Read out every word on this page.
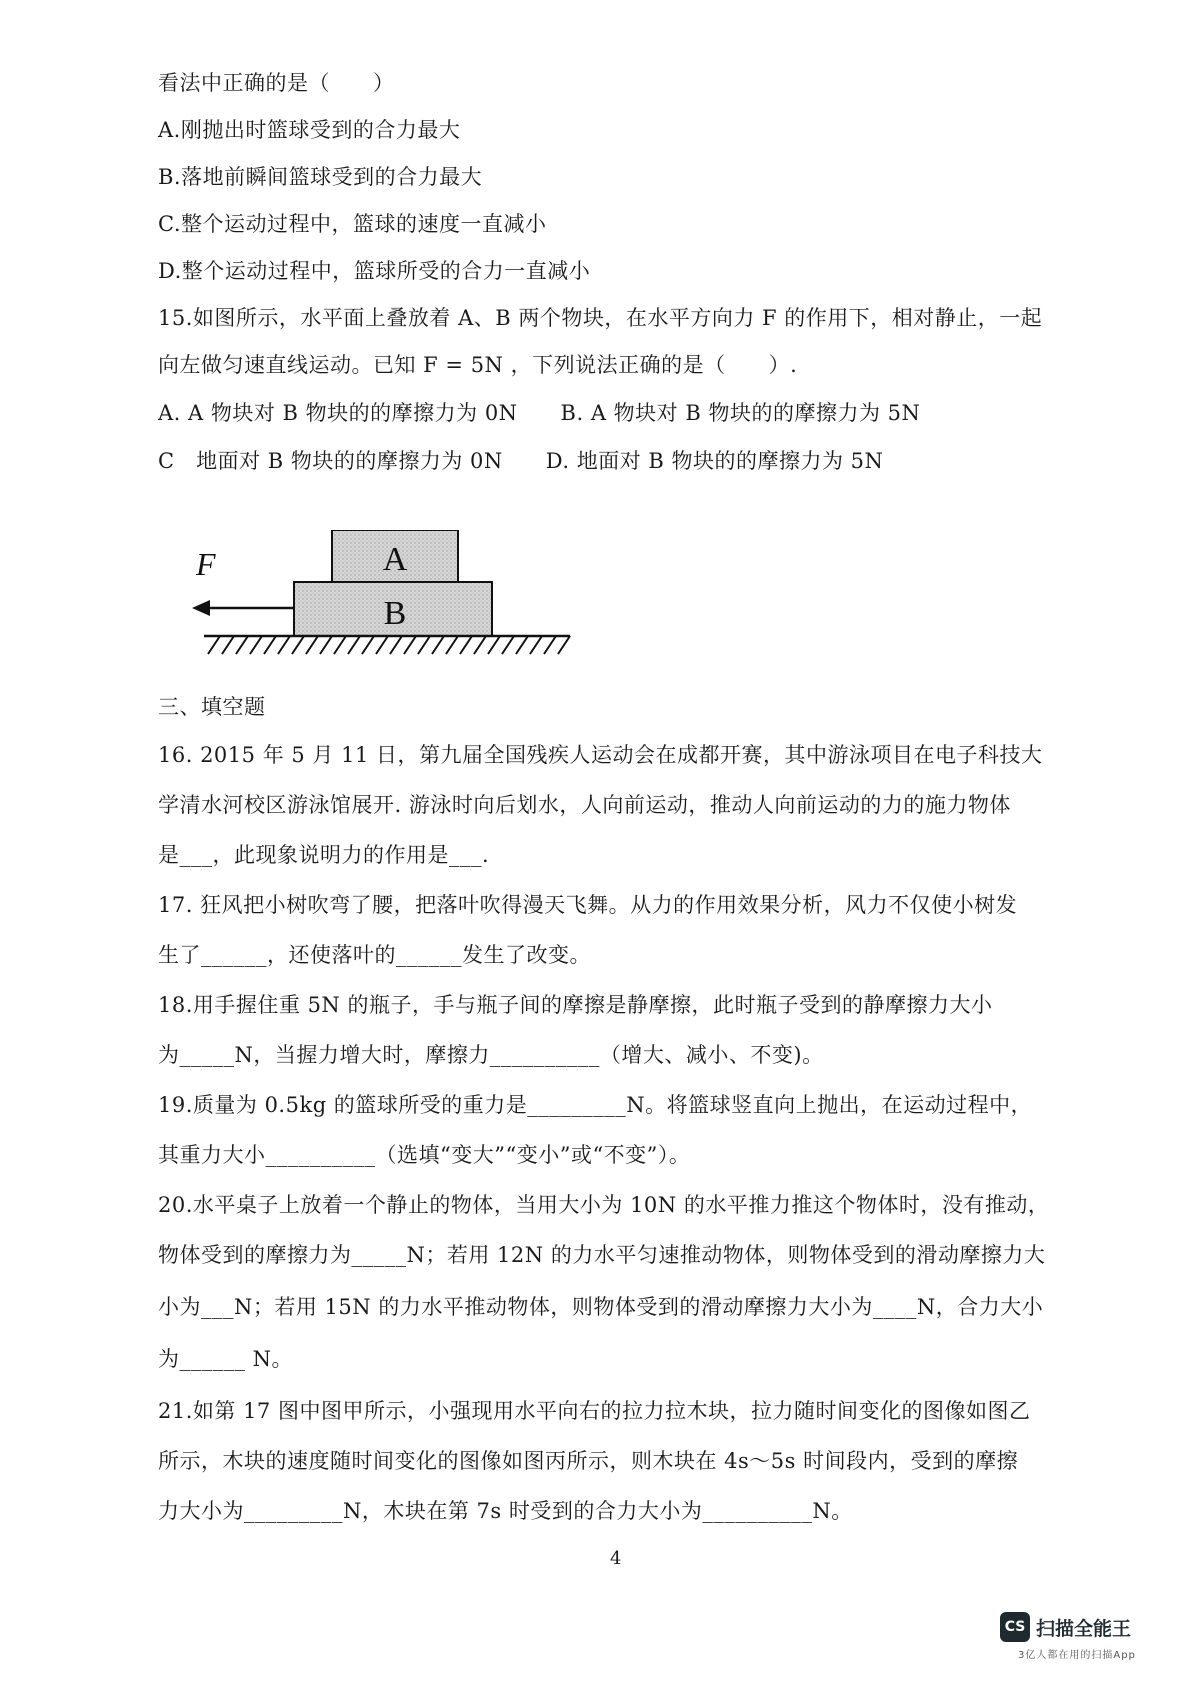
看法中正确的是（　　）
A.刚抛出时篮球受到的合力最大
B.落地前瞬间篮球受到的合力最大
C.整个运动过程中，篮球的速度一直减小
D.整个运动过程中，篮球所受的合力一直减小
15.如图所示，水平面上叠放着 A、B 两个物块，在水平方向力 F 的作用下，相对静止，一起
向左做匀速直线运动。已知 F = 5N ，下列说法正确的是（　　）.
A. A 物块对 B 物块的的摩擦力为 0N　　B. A 物块对 B 物块的的摩擦力为 5N
C　地面对 B 物块的的摩擦力为 0N　　D. 地面对 B 物块的的摩擦力为 5N
A
B
F
三、填空题
16. 2015 年 5 月 11 日，第九届全国残疾人运动会在成都开赛，其中游泳项目在电子科技大
学清水河校区游泳馆展开. 游泳时向后划水，人向前运动，推动人向前运动的力的施力物体
是___，此现象说明力的作用是___.
17. 狂风把小树吹弯了腰，把落叶吹得漫天飞舞。从力的作用效果分析，风力不仅使小树发
生了______，还使落叶的______发生了改变。
18.用手握住重 5N 的瓶子，手与瓶子间的摩擦是静摩擦，此时瓶子受到的静摩擦力大小
为_____N，当握力增大时，摩擦力__________（增大、减小、不变)。
19.质量为 0.5kg 的篮球所受的重力是_________N。将篮球竖直向上抛出，在运动过程中，
其重力大小__________（选填“变大”“变小”或“不变”）。
20.水平桌子上放着一个静止的物体，当用大小为 10N 的水平推力推这个物体时，没有推动，
物体受到的摩擦力为_____N；若用 12N 的力水平匀速推动物体，则物体受到的滑动摩擦力大
小为___N；若用 15N 的力水平推动物体，则物体受到的滑动摩擦力大小为____N，合力大小
为______ N。
21.如第 17 图中图甲所示，小强现用水平向右的拉力拉木块，拉力随时间变化的图像如图乙
所示，木块的速度随时间变化的图像如图丙所示，则木块在 4s～5s 时间段内，受到的摩擦
力大小为_________N，木块在第 7s 时受到的合力大小为__________N。
4
CS 扫描全能王
3亿人都在用的扫描App
